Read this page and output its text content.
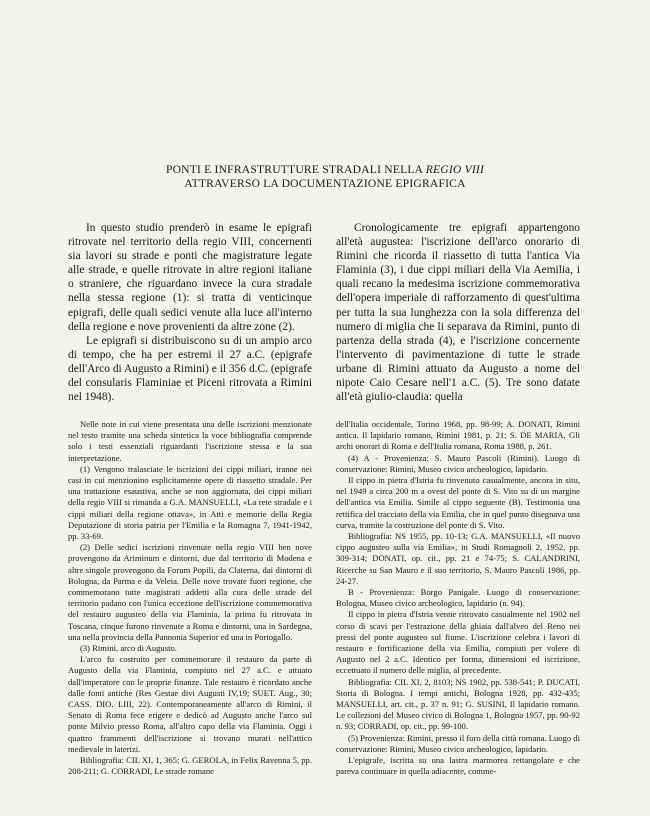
PONTI E INFRASTRUTTURE STRADALI NELLA REGIO VIII
ATTRAVERSO LA DOCUMENTAZIONE EPIGRAFICA

In questo studio prenderò in esame le epigrafi ritrovate nel territorio della regio VIII, concernenti sia lavori su strade e ponti che magistrature legate alle strade, e quelle ritrovate in altre regioni italiane o straniere, che riguardano invece la cura stradale nella stessa regione (1): si tratta di venticinque epigrafi, delle quali sedici venute alla luce all'interno della regione e nove provenienti da altre zone (2).

Le epigrafi si distribuiscono su di un ampio arco di tempo, che ha per estremi il 27 a.C. (epigrafe dell'Arco di Augusto a Rimini) e il 356 d.C. (epigrafe del consularis Flaminiae et Piceni ritrovata a Rimini nel 1948).

Cronologicamente tre epigrafi appartengono all'età augustea: l'iscrizione dell'arco onorario di Rimini che ricorda il riassetto di tutta l'antica Via Flaminia (3), i due cippi miliari della Via Aemilia, i quali recano la medesima iscrizione commemorativa dell'opera imperiale di rafforzamento di quest'ultima per tutta la sua lunghezza con la sola differenza del numero di miglia che li separava da Rimini, punto di partenza della strada (4), e l'iscrizione concernente l'intervento di pavimentazione di tutte le strade urbane di Rimini attuato da Augusto a nome del nipote Caio Cesare nell'1 a.C. (5). Tre sono datate all'età giulio-claudia: quella

Nelle note in cui viene presentata una delle iscrizioni menzionate nel testo tramite una scheda sintetica la voce bibliografia comprende solo i testi essenziali riguardanti l'iscrizione stessa e la sua interpretazione.

(1) Vengono tralasciate le iscrizioni dei cippi miliari, tranne nei casi in cui menzionino esplicitamente opere di riassetto stradale. Per una trattazione esaustiva, anche se non aggiornata, dei cippi miliari della regio VIII si rimanda a G.A. MANSUELLI, «La rete stradale e i cippi miliari della regione ottava», in Atti e memorie della Regia Deputazione di storia patria per l'Emilia e la Romagna 7, 1941-1942, pp. 33-69.

(2) Delle sedici iscrizioni rinvenute nella regio VIII ben nove provengono da Ariminum e dintorni, due dal territorio di Modena e altre singole provengono da Forum Popili, da Claterna, dai dintorni di Bologna, da Parma e da Veleia. Delle nove trovate fuori regione, che commemorano tutte magistrati addetti alla cura delle strade del territorio padano con l'unica eccezione dell'iscrizione commemorativa del restauro augusteo della via Flaminia, la prima fu ritrovata in Toscana, cinque furono rinvenute a Roma e dintorni, una in Sardegna, una nella provincia della Pannonia Superior ed una in Portogallo.

(3) Rimini, arco di Augusto.

L'arco fu costruito per commemorare il restauro da parte di Augusto della via Flaminia, compiuto nel 27 a.C. e attuato dall'imperatore con le proprie finanze. Tale restauro è ricordato anche dalle fonti antiche (Res Gestae divi Augusti IV,19; SUET. Aug., 30; CASS. DIO. LIII, 22). Contemporaneamente all'arco di Rimini, il Senato di Roma fece erigere e dedicò ad Augusto anche l'arco sul ponte Milvio presso Roma, all'altro capo della via Flaminia. Oggi i quattro frammenti dell'iscrizione si trovano murati nell'attico medievale in laterizi.

Bibliografia: CIL XI, 1, 365; G. GEROLA, in Felix Ravenna 5, pp. 208-211; G. CORRADI, Le strade romane

dell'Italia occidentale, Torino 1968, pp. 98-99; A. DONATI, Rimini antica. Il lapidario romano, Rimini 1981, p. 21; S. DE MARIA, Gli archi onorari di Roma e dell'Italia romana, Roma 1988, p. 261.

(4) A - Provenienza: S. Mauro Pascoli (Rimini). Luogo di conservazione: Rimini, Museo civico archeologico, lapidario.

Il cippo in pietra d'Istria fu rinvenuto casualmente, ancora in situ, nel 1949 a circa 200 m a ovest del ponte di S. Vito su di un margine dell'antica via Emilia. Simile al cippo seguente (B). Testimonia una rettifica del tracciato della via Emilia, che in quel punto disegnava una curva, tramite la costruzione del ponte di S. Vito.

Bibliografia: NS 1955, pp. 10-13; G.A. MANSUELLI, «Il nuovo cippo augusteo sulla via Emilia», in Studi Romagnoli 2, 1952, pp. 309-314; DONATI, op. cit., pp. 21 e 74-75; S. CALANDRINI, Ricerche su San Mauro e il suo territorio, S. Mauro Pascoli 1986, pp. 24-27.

B - Provenienza: Borgo Panigale. Luogo di conservazione: Bologna, Museo civico archeologico, lapidario (n. 94).

Il cippo in pietra d'Istria venne ritrovato casualmente nel 1902 nel corso di scavi per l'estrazione della ghiaia dall'alveo del Reno nei pressi del ponte augusteo sul fiume. L'iscrizione celebra i lavori di restauro e fortificazione della via Emilia, compiuti per volere di Augusto nel 2 a.C. Identico per forma, dimensioni ed iscrizione, eccettuato il numero delle miglia, al precedente.

Bibliografia: CIL XI, 2, 8103; NS 1902, pp. 538-541; P. DUCATI, Storia di Bologna. I tempi antichi, Bologna 1928, pp. 432-435; MANSUELLI, art. cit., p. 37 n. 91; G. SUSINI, Il lapidario romano. Le collezioni del Museo civico di Bologna 1, Bologna 1957, pp. 90-92 n. 93; CORRADI, op. cit., pp. 99-100.

(5) Provenienza: Rimini, presso il foro della città romana. Luogo di conservazione: Rimini, Museo civico archeologico, lapidario.

L'epigrafe, iscritta su una lastra marmorea rettangolare e che pareva continuare in quella adiacente, comme-
